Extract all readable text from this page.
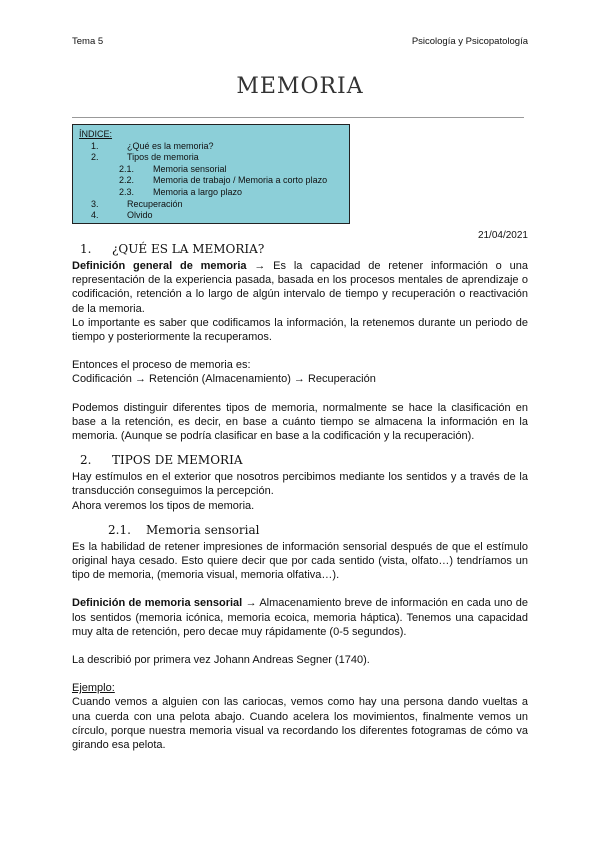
Tema 5	Psicología y Psicopatología
MEMORIA
ÍNDICE:
1.	¿Qué es la memoria?
2.	Tipos de memoria
2.1. Memoria sensorial
2.2. Memoria de trabajo / Memoria a corto plazo
2.3. Memoria a largo plazo
3.	Recuperación
4.	Olvido
21/04/2021
1. ¿QUÉ ES LA MEMORIA?

Definición general de memoria → Es la capacidad de retener información o una representación de la experiencia pasada, basada en los procesos mentales de aprendizaje o codificación, retención a lo largo de algún intervalo de tiempo y recuperación o reactivación de la memoria.

Lo importante es saber que codificamos la información, la retenemos durante un periodo de tiempo y posteriormente la recuperamos.

Entonces el proceso de memoria es:

Codificación → Retención (Almacenamiento) → Recuperación

Podemos distinguir diferentes tipos de memoria, normalmente se hace la clasificación en base a la retención, es decir, en base a cuánto tiempo se almacena la información en la memoria. (Aunque se podría clasificar en base a la codificación y la recuperación).

2. TIPOS DE MEMORIA

Hay estímulos en el exterior que nosotros percibimos mediante los sentidos y a través de la transducción conseguimos la percepción.

Ahora veremos los tipos de memoria.

2.1. Memoria sensorial

Es la habilidad de retener impresiones de información sensorial después de que el estímulo original haya cesado. Esto quiere decir que por cada sentido (vista, olfato…) tendríamos un tipo de memoria, (memoria visual, memoria olfativa…).

Definición de memoria sensorial → Almacenamiento breve de información en cada uno de los sentidos (memoria icónica, memoria ecoica, memoria háptica). Tenemos una capacidad muy alta de retención, pero decae muy rápidamente (0-5 segundos).

La describió por primera vez Johann Andreas Segner (1740).

Ejemplo:

Cuando vemos a alguien con las cariocas, vemos como hay una persona dando vueltas a una cuerda con una pelota abajo. Cuando acelera los movimientos, finalmente vemos un círculo, porque nuestra memoria visual va recordando los diferentes fotogramas de cómo va girando esa pelota.
